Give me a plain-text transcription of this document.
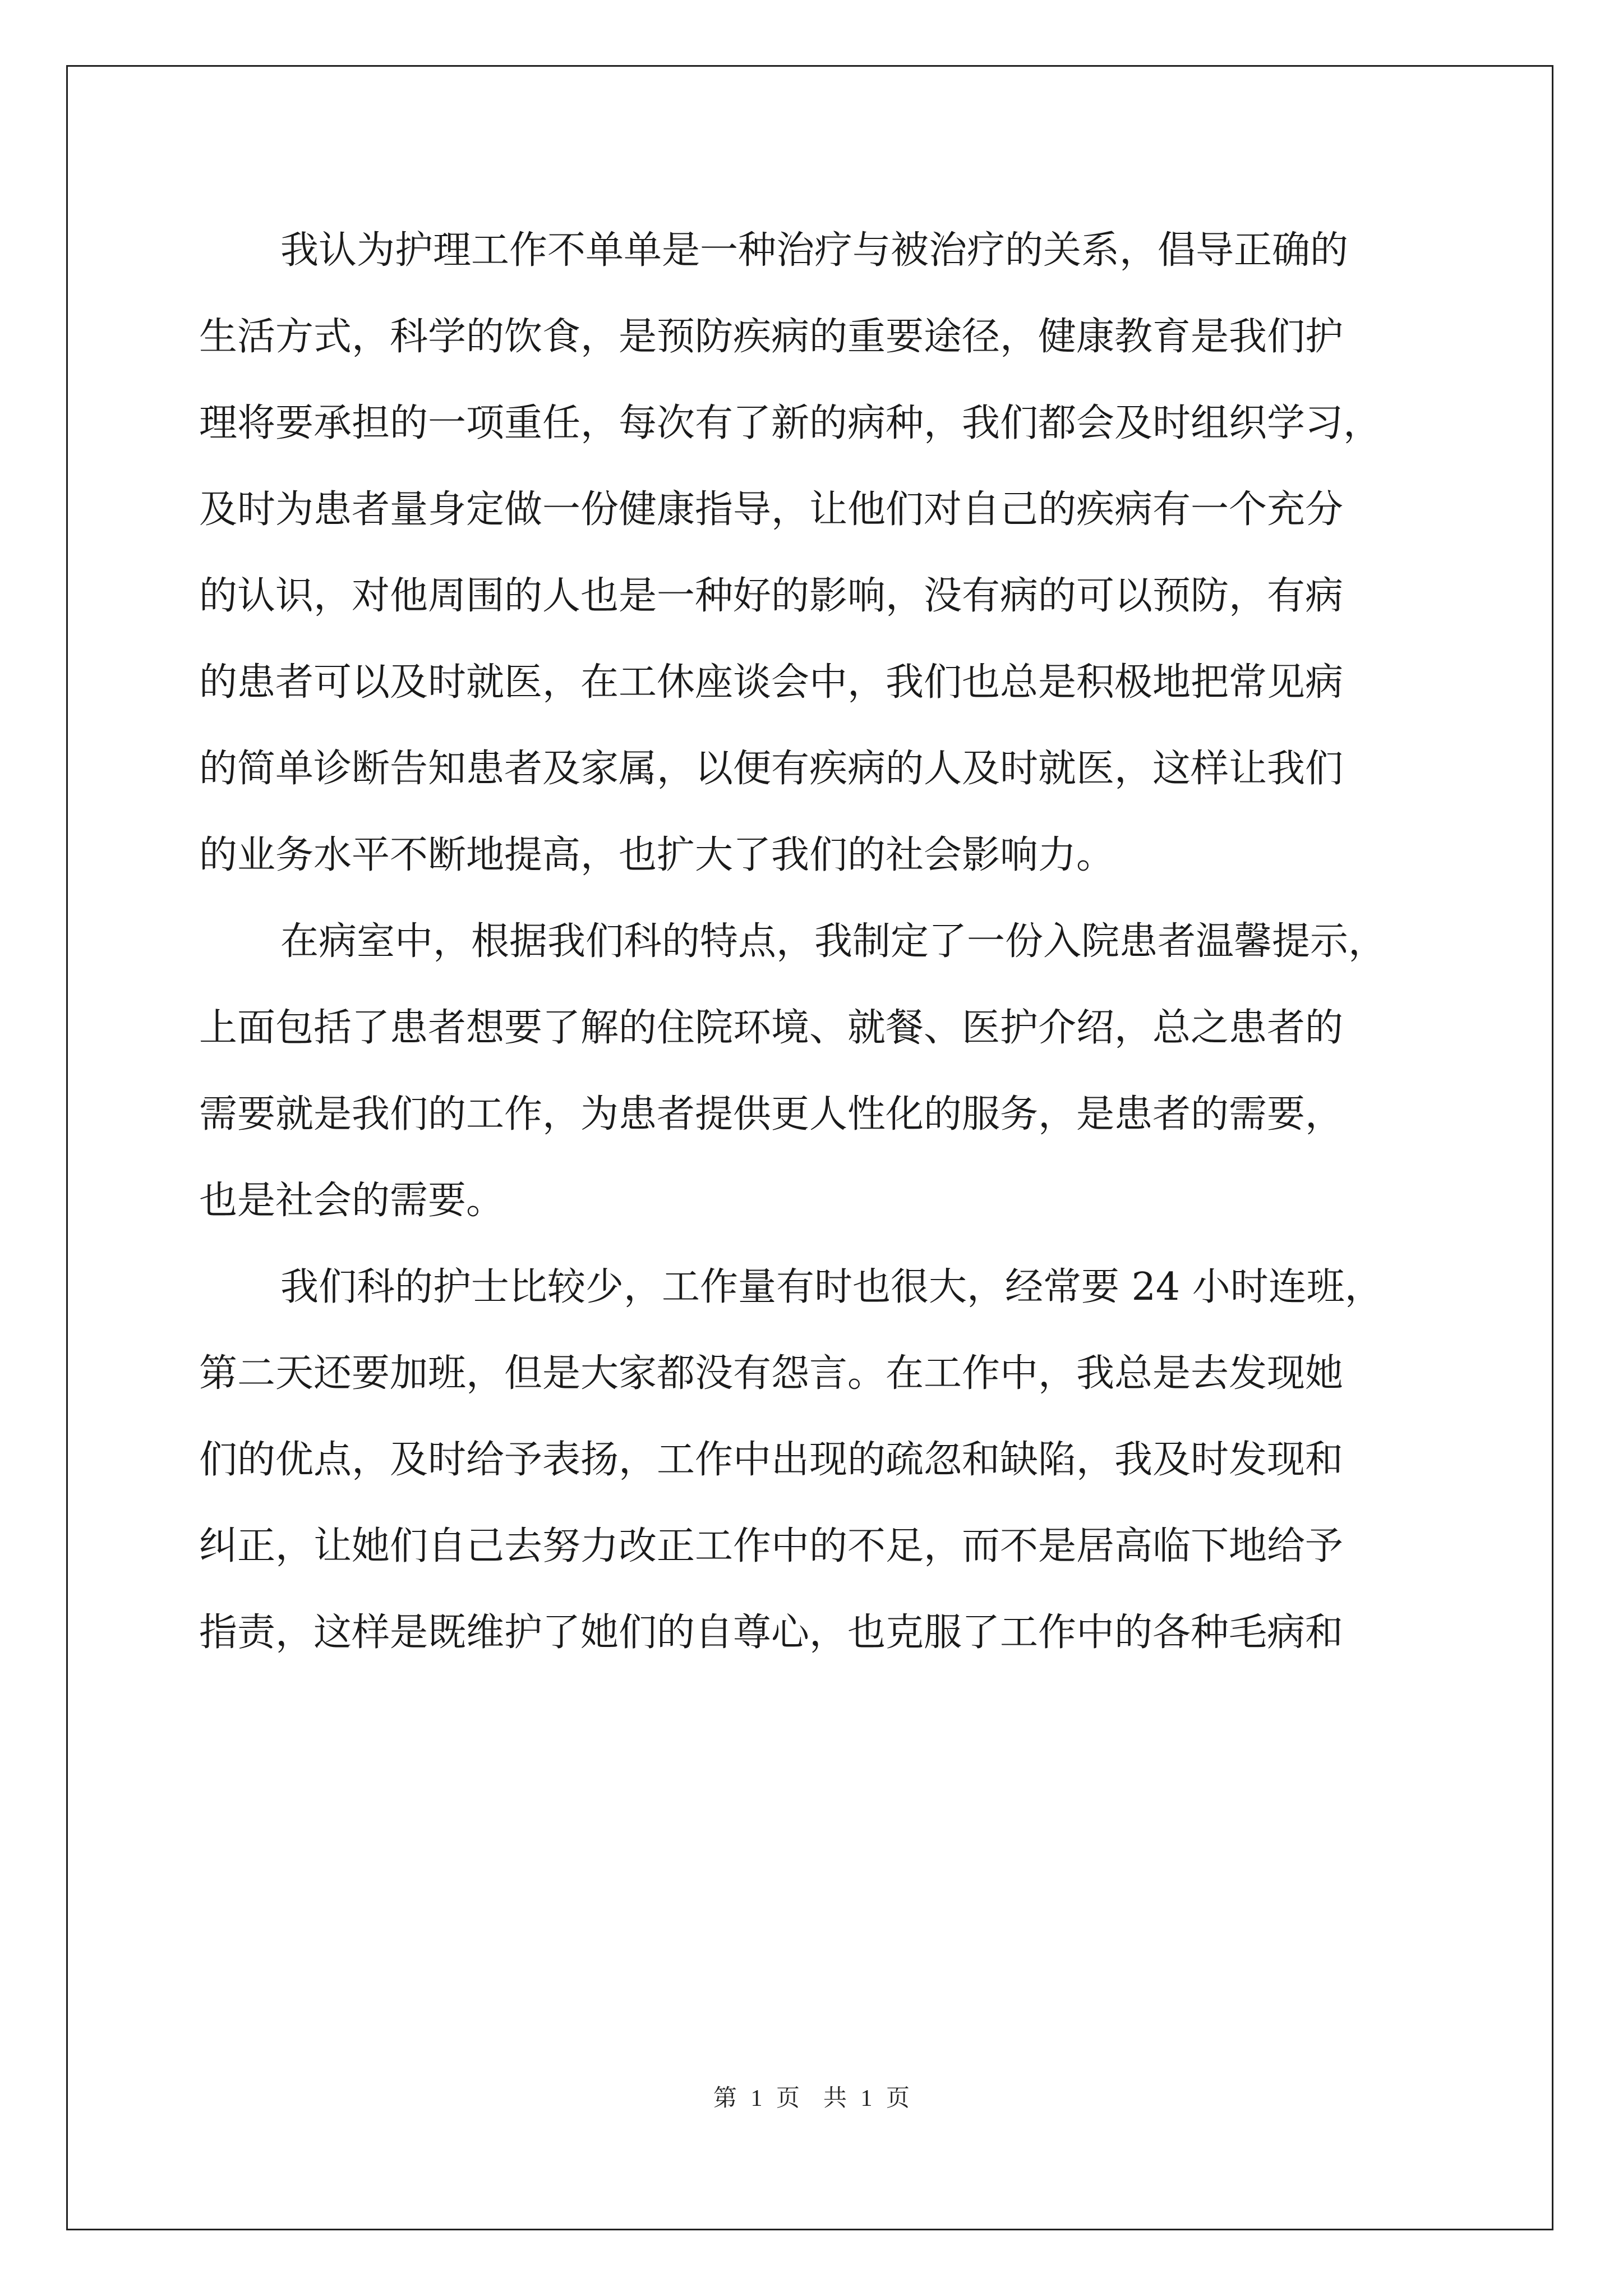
我认为护理工作不单单是一种治疗与被治疗的关系，倡导正确的
生活方式，科学的饮食，是预防疾病的重要途径，健康教育是我们护
理将要承担的一项重任，每次有了新的病种，我们都会及时组织学习，
及时为患者量身定做一份健康指导，让他们对自己的疾病有一个充分
的认识，对他周围的人也是一种好的影响，没有病的可以预防，有病
的患者可以及时就医，在工休座谈会中，我们也总是积极地把常见病
的简单诊断告知患者及家属，以便有疾病的人及时就医，这样让我们
的业务水平不断地提高，也扩大了我们的社会影响力。
在病室中，根据我们科的特点，我制定了一份入院患者温馨提示，
上面包括了患者想要了解的住院环境、就餐、医护介绍，总之患者的
需要就是我们的工作，为患者提供更人性化的服务，是患者的需要，
也是社会的需要。
我们科的护士比较少，工作量有时也很大，经常要 24 小时连班，
第二天还要加班，但是大家都没有怨言。在工作中，我总是去发现她
们的优点，及时给予表扬，工作中出现的疏忽和缺陷，我及时发现和
纠正，让她们自己去努力改正工作中的不足，而不是居高临下地给予
指责，这样是既维护了她们的自尊心，也克服了工作中的各种毛病和
第 1 页　共 1 页
